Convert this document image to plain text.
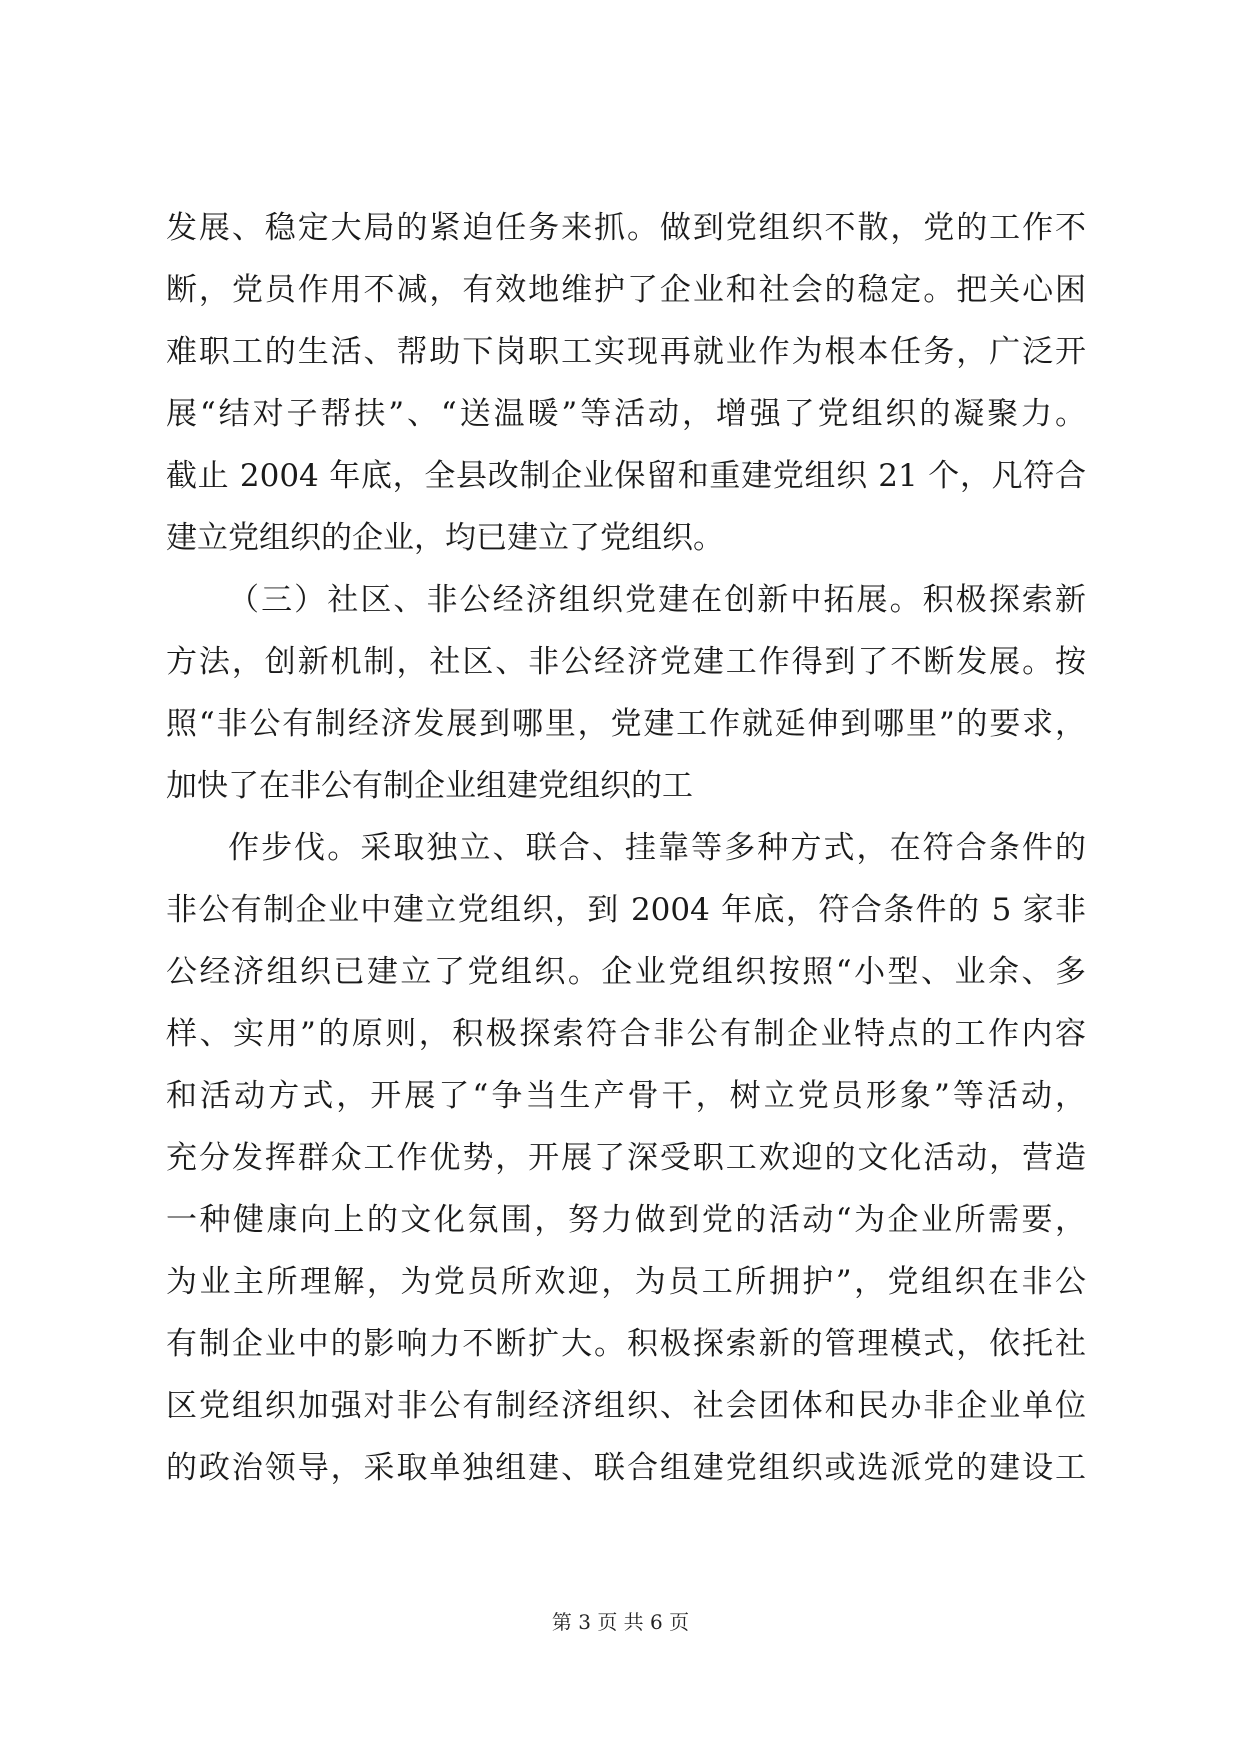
发展、稳定大局的紧迫任务来抓。做到党组织不散，党的工作不
断，党员作用不减，有效地维护了企业和社会的稳定。把关心困
难职工的生活、帮助下岗职工实现再就业作为根本任务，广泛开
展“结对子帮扶”、“送温暖”等活动，增强了党组织的凝聚力。
截止 2004 年底，全县改制企业保留和重建党组织 21 个，凡符合
建立党组织的企业，均已建立了党组织。
（三）社区、非公经济组织党建在创新中拓展。积极探索新
方法，创新机制，社区、非公经济党建工作得到了不断发展。按
照“非公有制经济发展到哪里，党建工作就延伸到哪里”的要求，
加快了在非公有制企业组建党组织的工
作步伐。采取独立、联合、挂靠等多种方式，在符合条件的
非公有制企业中建立党组织，到 2004 年底，符合条件的 5 家非
公经济组织已建立了党组织。企业党组织按照“小型、业余、多
样、实用”的原则，积极探索符合非公有制企业特点的工作内容
和活动方式，开展了“争当生产骨干，树立党员形象”等活动，
充分发挥群众工作优势，开展了深受职工欢迎的文化活动，营造
一种健康向上的文化氛围，努力做到党的活动“为企业所需要，
为业主所理解，为党员所欢迎，为员工所拥护”，党组织在非公
有制企业中的影响力不断扩大。积极探索新的管理模式，依托社
区党组织加强对非公有制经济组织、社会团体和民办非企业单位
的政治领导，采取单独组建、联合组建党组织或选派党的建设工
第 3 页 共 6 页
